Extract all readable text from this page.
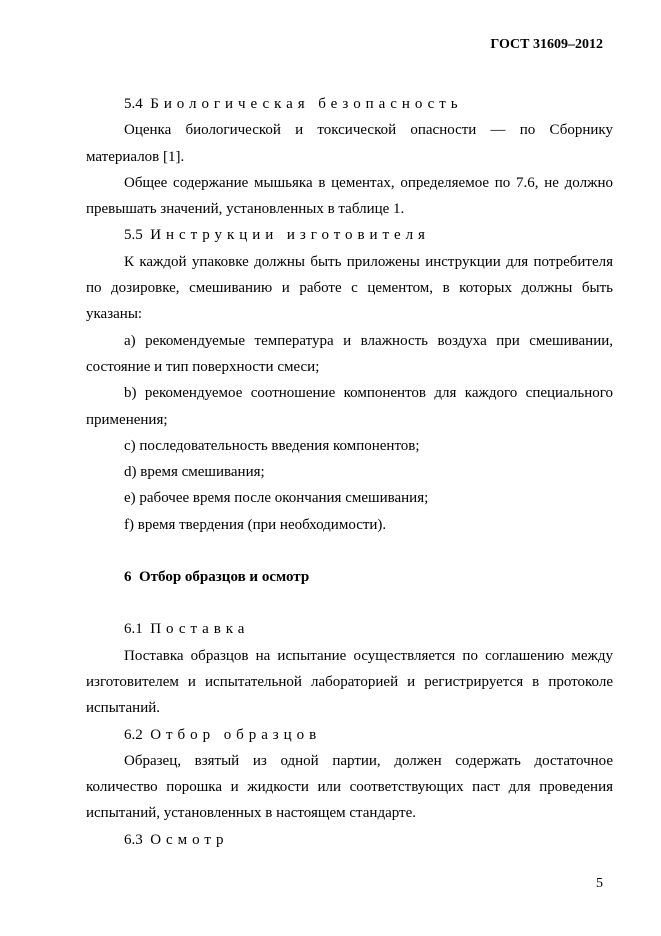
ГОСТ 31609–2012

5.4 Биологическая безопасность

Оценка биологической и токсической опасности — по Сборнику материалов [1].

Общее содержание мышьяка в цементах, определяемое по 7.6, не должно превышать значений, установленных в таблице 1.

5.5 Инструкции изготовителя

К каждой упаковке должны быть приложены инструкции для потребителя по дозировке, смешиванию и работе с цементом, в которых должны быть указаны:

a) рекомендуемые температура и влажность воздуха при смешивании, состояние и тип поверхности смеси;

b) рекомендуемое соотношение компонентов для каждого специального применения;

c) последовательность введения компонентов;

d) время смешивания;

e) рабочее время после окончания смешивания;

f) время твердения (при необходимости).

6 Отбор образцов и осмотр

6.1 Поставка

Поставка образцов на испытание осуществляется по соглашению между изготовителем и испытательной лабораторией и регистрируется в протоколе испытаний.

6.2 Отбор образцов

Образец, взятый из одной партии, должен содержать достаточное количество порошка и жидкости или соответствующих паст для проведения испытаний, установленных в настоящем стандарте.

6.3 Осмотр

5
